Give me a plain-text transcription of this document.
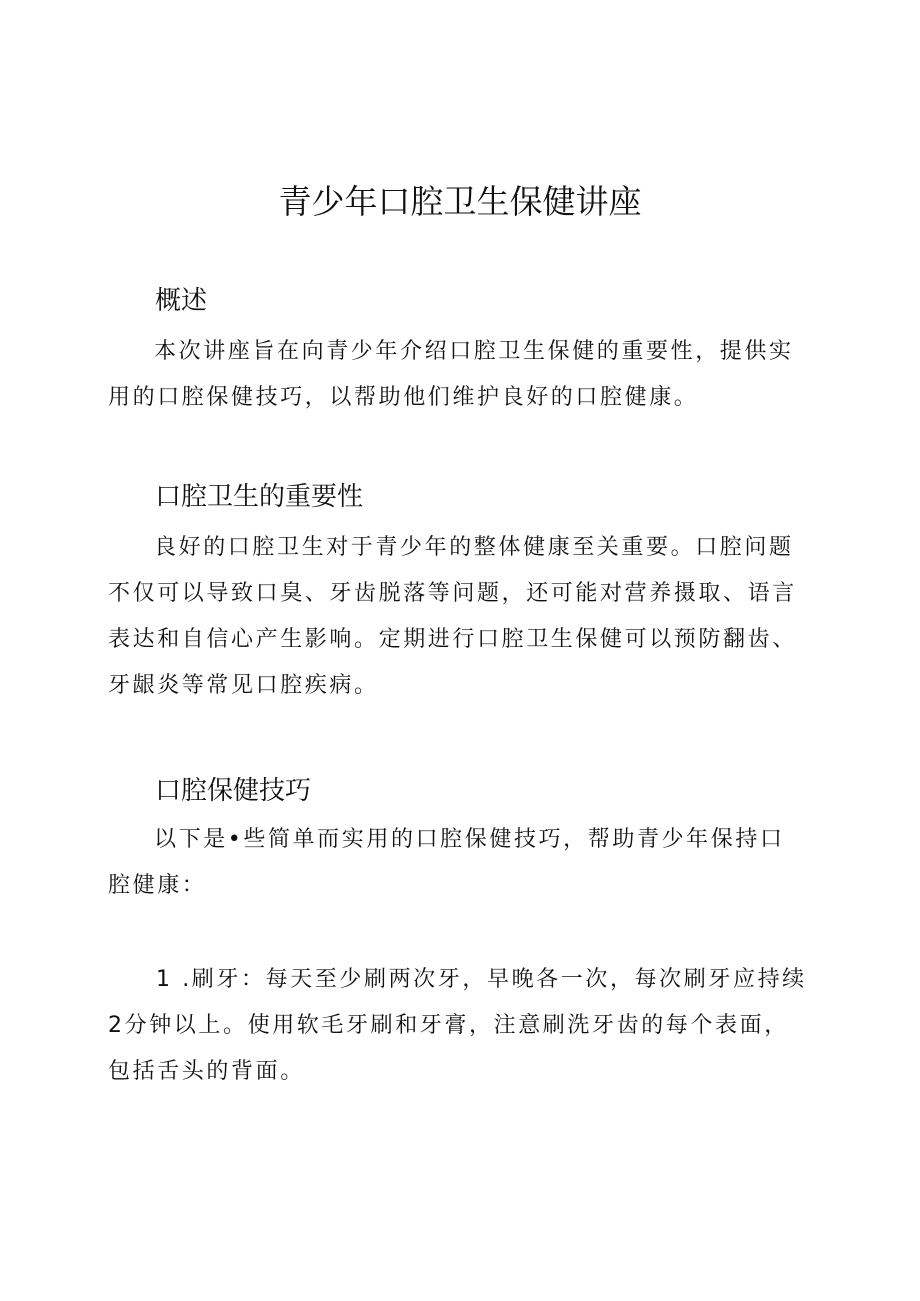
青少年口腔卫生保健讲座
概述

本次讲座旨在向青少年介绍口腔卫生保健的重要性，提供实用的口腔保健技巧，以帮助他们维护良好的口腔健康。

口腔卫生的重要性

良好的口腔卫生对于青少年的整体健康至关重要。口腔问题不仅可以导致口臭、牙齿脱落等问题，还可能对营养摄取、语言表达和自信心产生影响。定期进行口腔卫生保健可以预防翻齿、牙龈炎等常见口腔疾病。

口腔保健技巧

以下是•些简单而实用的口腔保健技巧，帮助青少年保持口腔健康：

1 .刷牙：每天至少刷两次牙，早晚各一次，每次刷牙应持续2分钟以上。使用软毛牙刷和牙膏，注意刷洗牙齿的每个表面，包括舌头的背面。
